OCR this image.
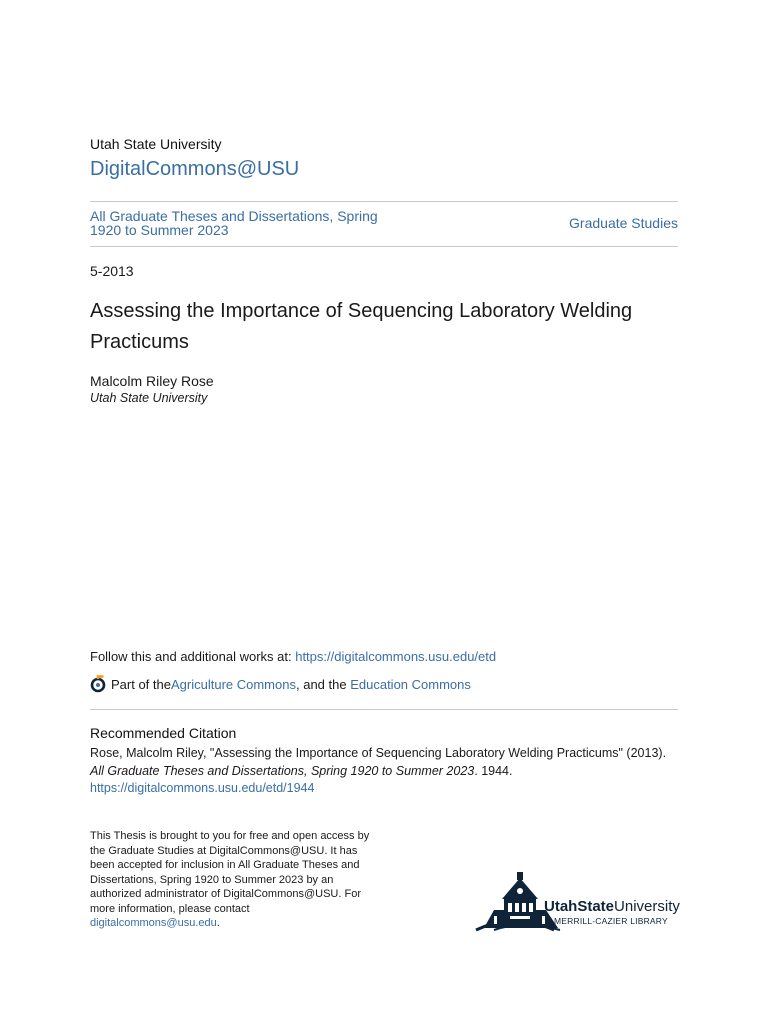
Utah State University
DigitalCommons@USU
All Graduate Theses and Dissertations, Spring 1920 to Summer 2023	Graduate Studies
5-2013
Assessing the Importance of Sequencing Laboratory Welding Practicums
Malcolm Riley Rose
Utah State University
Follow this and additional works at: https://digitalcommons.usu.edu/etd
Part of the Agriculture Commons , and the Education Commons
Recommended Citation
Rose, Malcolm Riley, "Assessing the Importance of Sequencing Laboratory Welding Practicums" (2013).
All Graduate Theses and Dissertations, Spring 1920 to Summer 2023. 1944.
https://digitalcommons.usu.edu/etd/1944
This Thesis is brought to you for free and open access by the Graduate Studies at DigitalCommons@USU. It has been accepted for inclusion in All Graduate Theses and Dissertations, Spring 1920 to Summer 2023 by an authorized administrator of DigitalCommons@USU. For more information, please contact digitalcommons@usu.edu.
UtahStateUniversity
MERRILL-CAZIER LIBRARY
